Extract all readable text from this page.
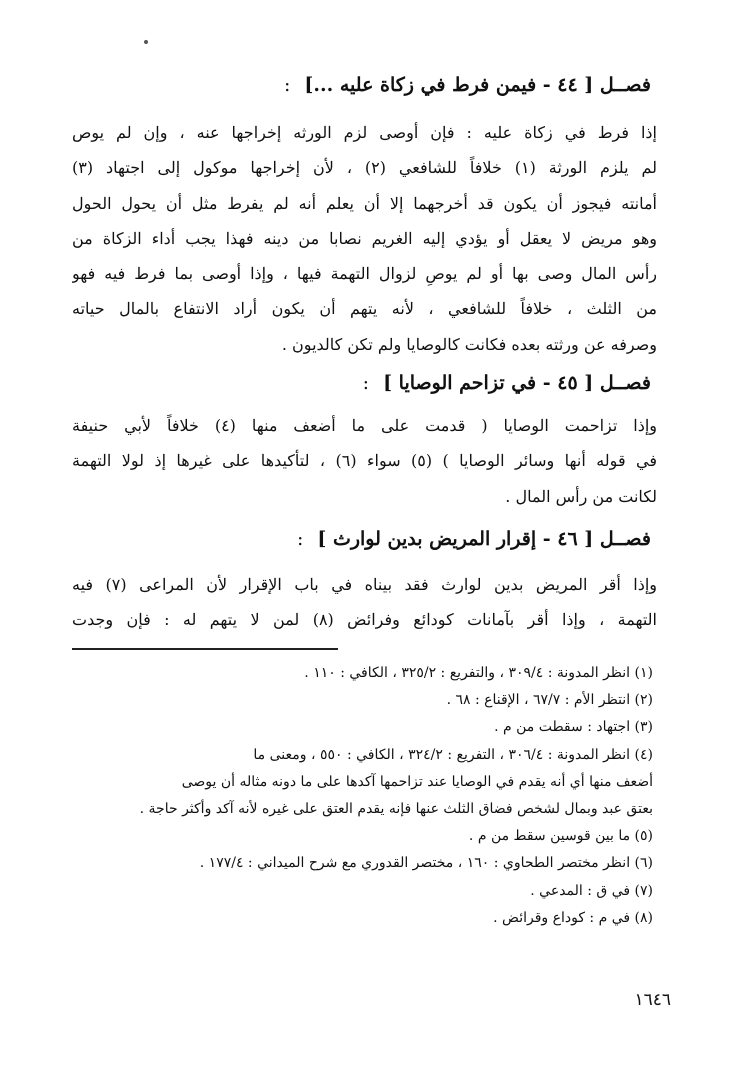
فصــل [ ٤٤ - فيمن فرط في زكاة عليه ...]:
إذا فرط في زكاة عليه : فإن أوصى لزم الورثه إخراجها عنه ، وإن لم يوص
لم يلزم الورثة (١) خلافاً للشافعي (٢) ، لأن إخراجها موكول إلى اجتهاد (٣)
أمانته فيجوز أن يكون قد أخرجهما إلا أن يعلم أنه لم يفرط مثل أن يحول الحول
وهو مريض لا يعقل أو يؤدي إليه الغريم نصابا من دينه فهذا يجب أداء الزكاة من
رأس المال وصى بها أو لم يوصِ لزوال التهمة فيها ، وإذا أوصى بما فرط فيه فهو
من الثلث ، خلافاً للشافعي ، لأنه يتهم أن يكون أراد الانتفاع بالمال حياته
وصرفه عن ورثته بعده فكانت كالوصايا ولم تكن كالديون .
فصــل [ ٤٥ - في تزاحم الوصايا ]:
وإذا تزاحمت الوصايا ( قدمت على ما أضعف منها (٤) خلافاً لأبي حنيفة
في قوله أنها وسائر الوصايا ) (٥) سواء (٦) ، لتأكيدها على غيرها إذ لولا التهمة
لكانت من رأس المال .
فصــل [ ٤٦ - إقرار المريض بدين لوارث ]:
وإذا أقر المريض بدين لوارث فقد بيناه في باب الإقرار لأن المراعى (٧) فيه
التهمة ، وإذا أقر بآمانات كودائع وفرائض (٨) لمن لا يتهم له : فإن وجدت
(١) انظر المدونة : ٣٠٩/٤ ، والتفريع : ٣٢٥/٢ ، الكافي : ١١٠ .
(٢) انتظر الأم : ٦٧/٧ ، الإقناع : ٦٨ .
(٣) اجتهاد : سقطت من م .
(٤) انظر المدونة : ٣٠٦/٤ ، التفريع : ٣٢٤/٢ ، الكافي : ٥٥٠ ، ومعنى ما
أضعف منها أي أنه يقدم في الوصايا عند تزاحمها آكدها على ما دونه مثاله أن يوصى
بعتق عبد وبمال لشخص فضاق الثلث عنها فإنه يقدم العتق على غيره لأنه آكد وأكثر حاجة .
(٥) ما بين قوسين سقط من م .
(٦) انظر مختصر الطحاوي : ١٦٠ ، مختصر القدوري مع شرح الميداني : ١٧٧/٤ .
(٧) في ق : المدعي .
(٨) في م : كوداع وقرائض .
١٦٤٦
